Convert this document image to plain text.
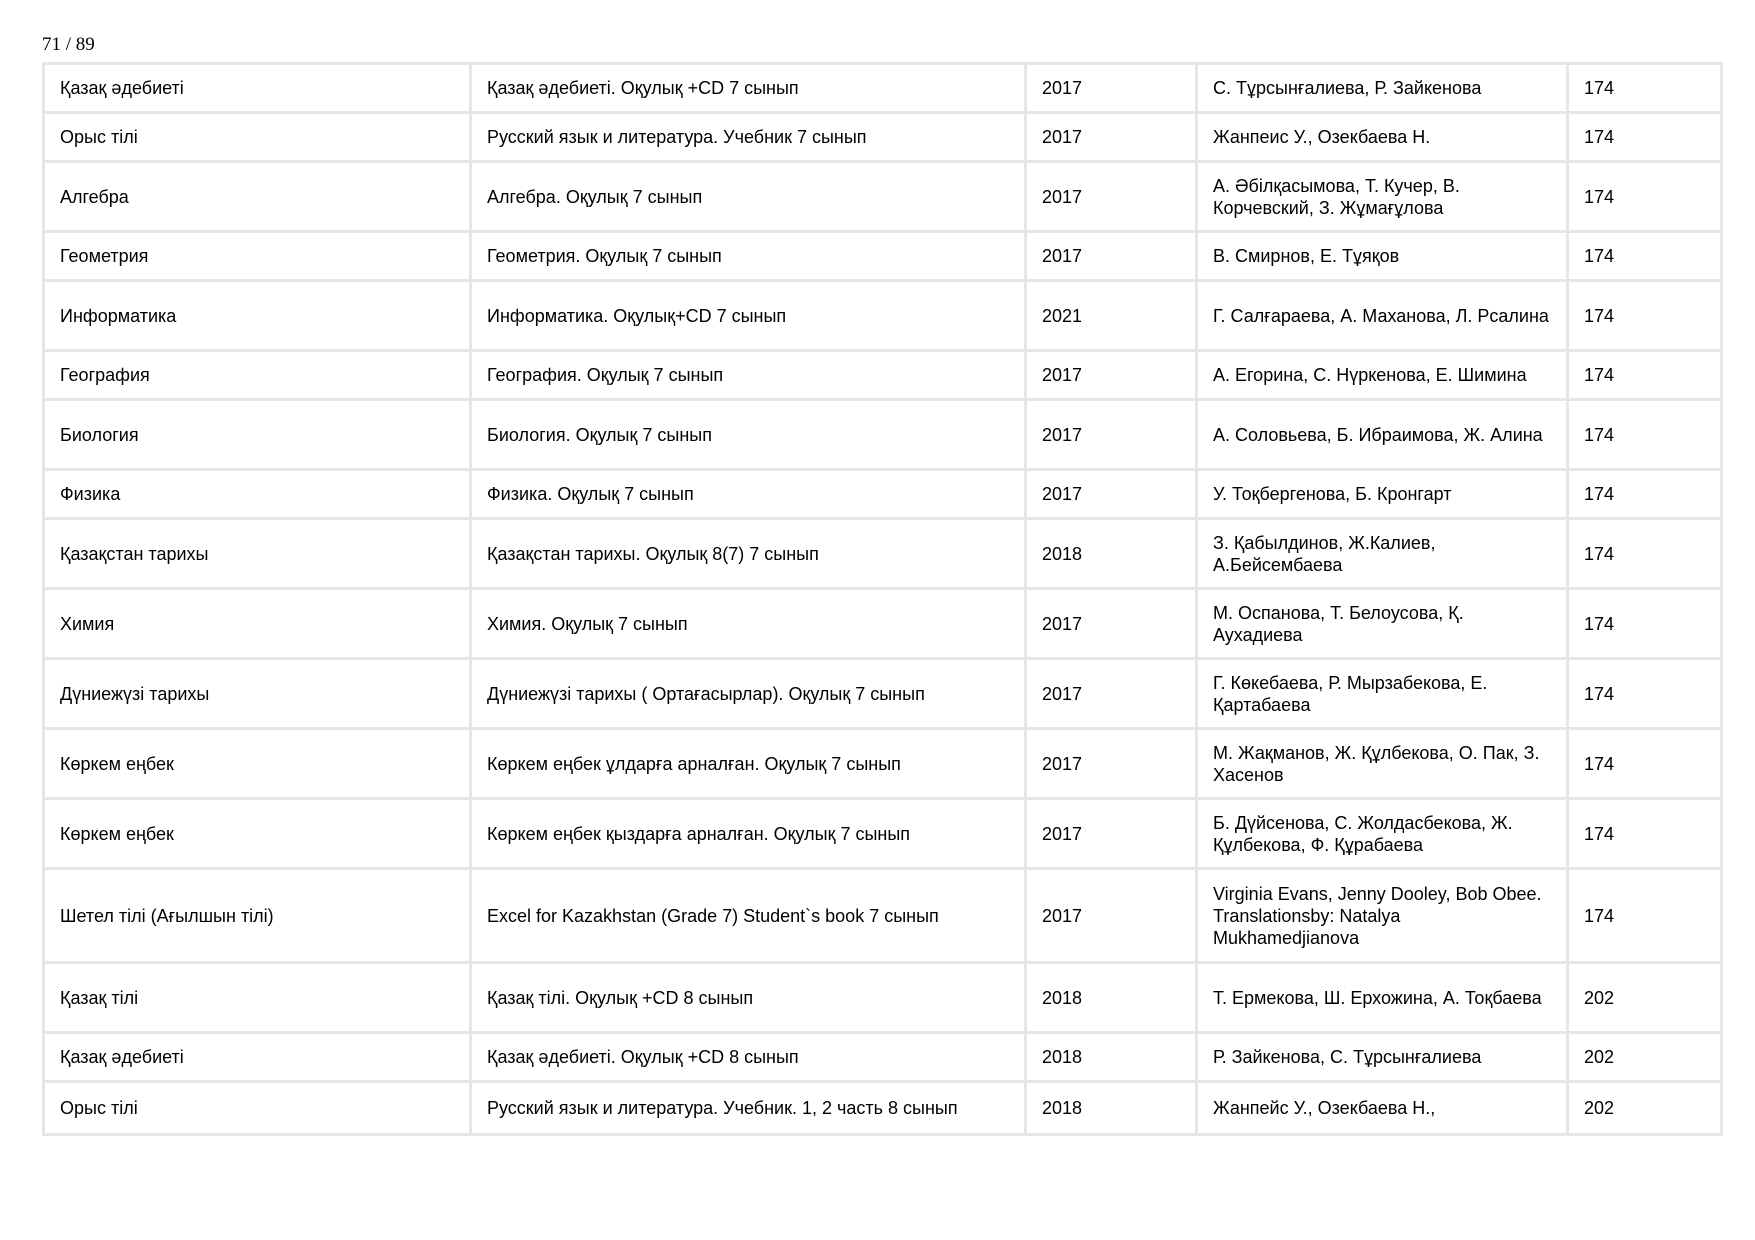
71 / 89
Қазақ әдебиеті	Қазақ әдебиеті. Оқулық +CD 7 сынып	2017	С. Тұрсынғалиева, Р. Зайкенова	174
Орыс тілі	Русский язык и литература. Учебник 7 сынып	2017	Жанпеис У., Озекбаева Н.	174
Алгебра	Алгебра. Оқулық 7 сынып	2017	А. Әбілқасымова, Т. Кучер, В. Корчевский, З. Жұмағұлова	174
Геометрия	Геометрия. Оқулық 7 сынып	2017	В. Смирнов, Е. Тұяқов	174
Информатика	Информатика. Оқулық+CD 7 сынып	2021	Г. Салғараева, А. Маханова, Л. Рсалина	174
География	География. Оқулық 7 сынып	2017	А. Егорина, С. Нүркенова, Е. Шимина	174
Биология	Биология. Оқулық 7 сынып	2017	А. Соловьева, Б. Ибраимова, Ж. Алина	174
Физика	Физика. Оқулық 7 сынып	2017	У. Тоқбергенова, Б. Кронгарт	174
Қазақстан тарихы	Қазақстан тарихы. Оқулық 8(7) 7 сынып	2018	З. Қабылдинов, Ж.Калиев, А.Бейсембаева	174
Химия	Химия. Оқулық 7 сынып	2017	М. Оспанова, Т. Белоусова, Қ. Аухадиева	174
Дүниежүзі тарихы	Дүниежүзі тарихы ( Ортағасырлар). Оқулық 7 сынып	2017	Г. Көкебаева, Р. Мырзабекова, Е. Қартабаева	174
Көркем еңбек	Көркем еңбек ұлдарға арналған. Оқулық 7 сынып	2017	М. Жақманов, Ж. Құлбекова, О. Пак, З. Хасенов	174
Көркем еңбек	Көркем еңбек қыздарға арналған. Оқулық 7 сынып	2017	Б. Дүйсенова, С. Жолдасбекова, Ж. Құлбекова, Ф. Құрабаева	174
Шетел тілі (Ағылшын тілі)	Excel for Kazakhstan (Grade 7) Student`s book 7 сынып	2017	Virginia Evans, Jenny Dooley, Bob Obee. Translationsby: Natalya Mukhamedjianova	174
Қазақ тілі	Қазақ тілі. Оқулық +CD 8 сынып	2018	Т. Ермекова, Ш. Ерхожина, А. Тоқбаева	202
Қазақ әдебиеті	Қазақ әдебиеті. Оқулық +CD 8 сынып	2018	Р. Зайкенова, С. Тұрсынғалиева	202
Орыс тілі	Русский язык и литература. Учебник. 1, 2 часть 8 сынып	2018	Жанпейс У., Озекбаева Н.,	202
